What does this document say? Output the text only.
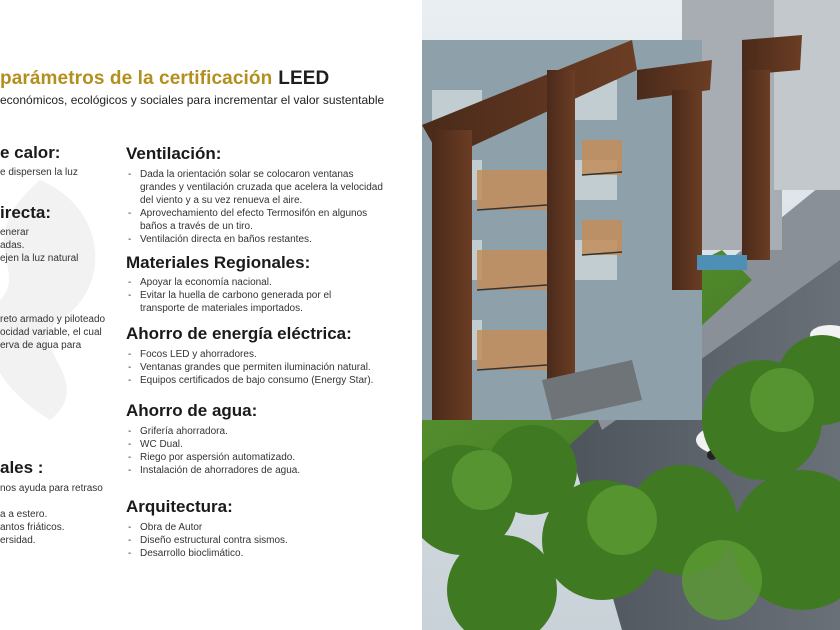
parámetros de la certificación LEED
económicos, ecológicos y sociales para incrementar el valor sustentable
e calor:
e dispersen la luz
irecta:
enerar
adas.
ejen la luz natural
reto armado y piloteado
ocidad variable, el cual
erva de agua para
ales :
nos ayuda para retraso
a a estero.
antos friáticos.
ersidad.
Ventilación:
- Dada la orientación solar se colocaron ventanas grandes y ventilación cruzada que acelera la velocidad del viento y a su vez renueva el aire.
- Aprovechamiento del efecto Termosifón en algunos baños a través de un tiro.
- Ventilación directa en baños restantes.
Materiales Regionales:
- Apoyar la economía nacional.
- Evitar la huella de carbono generada por el transporte de materiales importados.
Ahorro de energía eléctrica:
- Focos LED y ahorradores.
- Ventanas grandes que permiten iluminación natural.
- Equipos certificados de bajo consumo (Energy Star).
Ahorro de agua:
- Grifería ahorradora.
- WC Dual.
- Riego por aspersión automatizado.
- Instalación de ahorradores de agua.
Arquitectura:
- Obra de Autor
- Diseño estructural contra sismos.
- Desarrollo bioclimático.
